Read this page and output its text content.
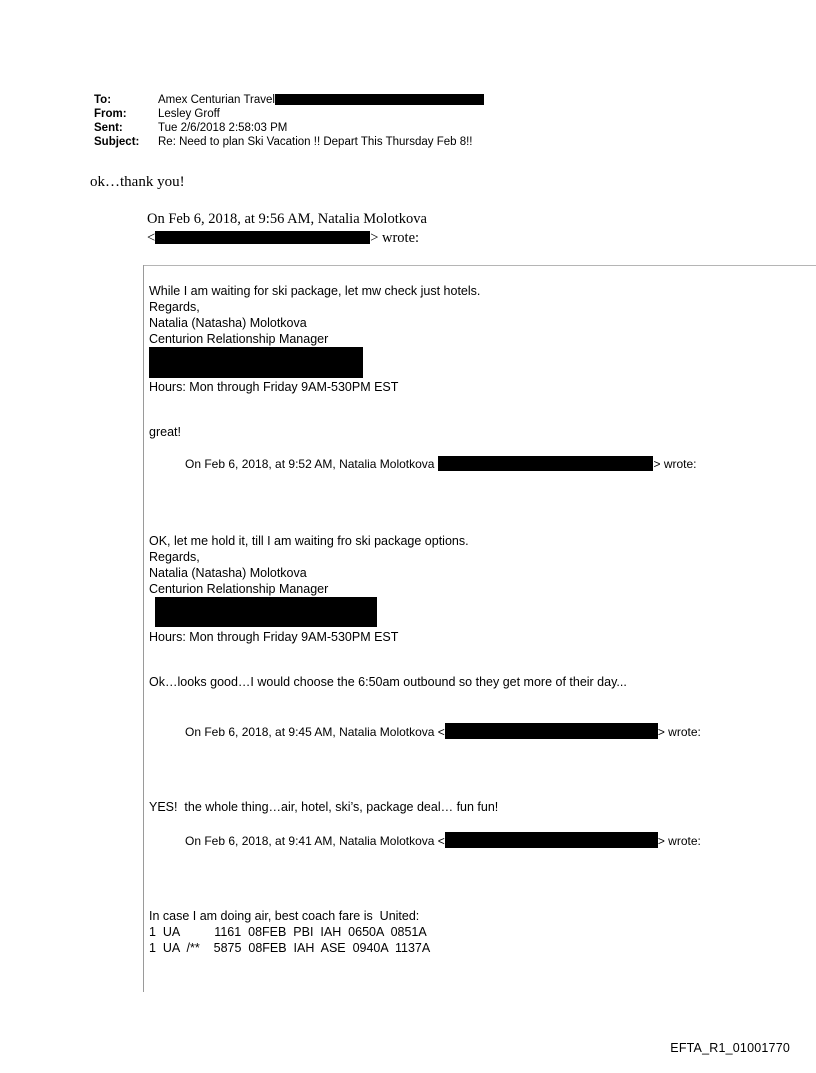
To:	Amex Centurian Travel
From:	Lesley Groff
Sent:	Tue 2/6/2018 2:58:03 PM
Subject:	Re: Need to plan Ski Vacation !! Depart This Thursday Feb 8!!
ok…thank you!
On Feb 6, 2018, at 9:56 AM, Natalia Molotkova
<	> wrote:
While I am waiting for ski package, let mw check just hotels.
Regards,
Natalia (Natasha) Molotkova
Centurion Relationship Manager
Hours: Mon through Friday 9AM-530PM EST
great!
On Feb 6, 2018, at 9:52 AM, Natalia Molotkova	> wrote:
OK, let me hold it, till I am waiting fro ski package options.
Regards,
Natalia (Natasha) Molotkova
Centurion Relationship Manager
Hours: Mon through Friday 9AM-530PM EST
Ok…looks good…I would choose the 6:50am outbound so they get more of their day...
On Feb 6, 2018, at 9:45 AM, Natalia Molotkova <	> wrote:
YES!  the whole thing…air, hotel, ski’s, package deal… fun fun!
On Feb 6, 2018, at 9:41 AM, Natalia Molotkova <	> wrote:
In case I am doing air, best coach fare is  United:
1  UA          1161  08FEB  PBI  IAH  0650A  0851A
1  UA  /**    5875  08FEB  IAH  ASE  0940A  1137A
EFTA_R1_01001770
